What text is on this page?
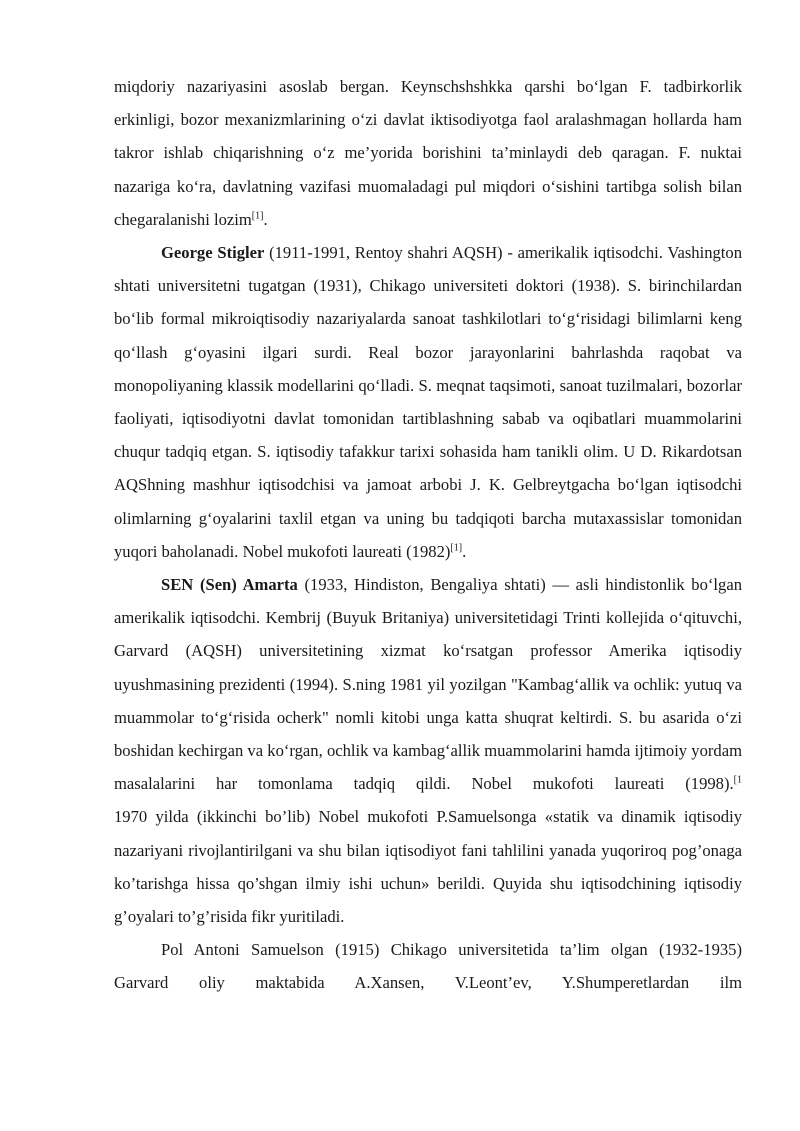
miqdoriy nazariyasini asoslab bergan. Keynschshshkka qarshi bo‘lgan F. tadbirkorlik erkinligi, bozor mexanizmlarining o‘zi davlat iktisodiyotga faol aralashmagan hollarda ham takror ishlab chiqarishning o‘z me’yorida borishini ta’minlaydi deb qaragan. F. nuktai nazariga ko‘ra, davlatning vazifasi muomaladagi pul miqdori o‘sishini tartibga solish bilan chegaralanishi lozim[1].

George Stigler (1911-1991, Rentoy shahri AQSH) - amerikalik iqtisodchi. Vashington shtati universitetni tugatgan (1931), Chikago universiteti doktori (1938). S. birinchilardan bo‘lib formal mikroiqtisodiy nazariyalarda sanoat tashkilotlari to‘g‘risidagi bilimlarni keng qo‘llash g‘oyasini ilgari surdi. Real bozor jarayonlarini bahrlashda raqobat va monopoliyaning klassik modellarini qo‘lladi. S. meqnat taqsimoti, sanoat tuzilmalari, bozorlar faoliyati, iqtisodiyotni davlat tomonidan tartiblashning sabab va oqibatlari muammolarini chuqur tadqiq etgan. S. iqtisodiy tafakkur tarixi sohasida ham tanikli olim. U D. Rikardotsan AQShning mashhur iqtisodchisi va jamoat arbobi J. K. Gelbreytgacha bo‘lgan iqtisodchi olimlarning g‘oyalarini taxlil etgan va uning bu tadqiqoti barcha mutaxassislar tomonidan yuqori baholanadi. Nobel mukofoti laureati (1982)[1].

SEN (Sen) Amarta (1933, Hindiston, Bengaliya shtati) — asli hindistonlik bo‘lgan amerikalik iqtisodchi. Kembrij (Buyuk Britaniya) universitetidagi Trinti kollejida o‘qituvchi, Garvard (AQSH) universitetining xizmat ko‘rsatgan professor Amerika iqtisodiy uyushmasining prezidenti (1994). S.ning 1981 yil yozilgan "Kambag‘allik va ochlik: yutuq va muammolar to‘g‘risida ocherk" nomli kitobi unga katta shuqrat keltirdi. S. bu asarida o‘zi boshidan kechirgan va ko‘rgan, ochlik va kambag‘allik muammolarini hamda ijtimoiy yordam masalalarini har tomonlama tadqiq qildi. Nobel mukofoti laureati (1998).$^{[1}$

1970 yilda (ikkinchi bo’lib) Nobel mukofoti P.Samuelsonga «statik va dinamik iqtisodiy nazariyani rivojlantirilgani va shu bilan iqtisodiyot fani tahlilini yanada yuqoriroq pog’onaga ko’tarishga hissa qo’shgan ilmiy ishi uchun» berildi. Quyida shu iqtisodchining iqtisodiy g’oyalari to’g’risida fikr yuritiladi.

Pol Antoni Samuelson (1915) Chikago universitetida ta’lim olgan (1932-1935) Garvard oliy maktabida A.Xansen, V.Leont’ev, Y.Shumperetlardan ilm
